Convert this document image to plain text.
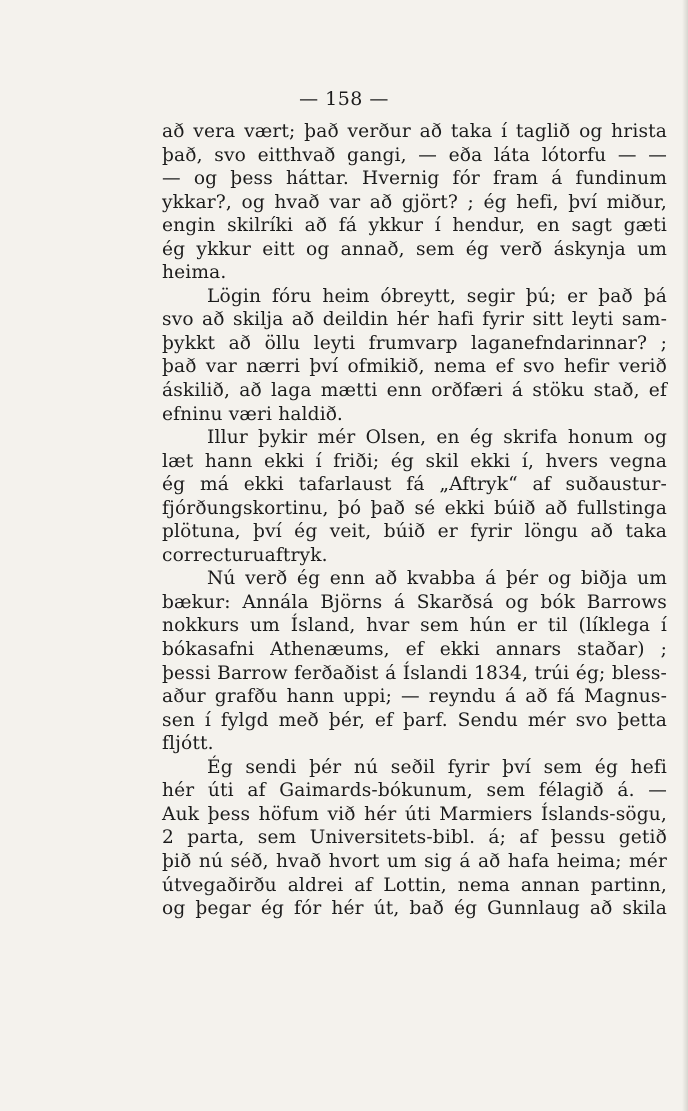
— 158 —
að vera vært; það verður að taka í taglið og hrista
það, svo eitthvað gangi, — eða láta lótorfu — —
— og þess háttar. Hvernig fór fram á fundinum
ykkar?, og hvað var að gjört? ; ég hefi, því miður,
engin skilríki að fá ykkur í hendur, en sagt gæti
ég ykkur eitt og annað, sem ég verð áskynja um
heima.
Lögin fóru heim óbreytt, segir þú; er það þá
svo að skilja að deildin hér hafi fyrir sitt leyti sam-
þykkt að öllu leyti frumvarp laganefndarinnar? ;
það var nærri því ofmikið, nema ef svo hefir verið
áskilið, að laga mætti enn orðfæri á stöku stað, ef
efninu væri haldið.
Illur þykir mér Olsen, en ég skrifa honum og
læt hann ekki í friði; ég skil ekki í, hvers vegna
ég má ekki tafarlaust fá „Aftryk“ af suðaustur-
fjórðungskortinu, þó það sé ekki búið að fullstinga
plötuna, því ég veit, búið er fyrir löngu að taka
correcturuaftryk.
Nú verð ég enn að kvabba á þér og biðja um
bækur: Annála Björns á Skarðsá og bók Barrows
nokkurs um Ísland, hvar sem hún er til (líklega í
bókasafni Athenæums, ef ekki annars staðar) ;
þessi Barrow ferðaðist á Íslandi 1834, trúi ég; bless-
aður grafðu hann uppi; — reyndu á að fá Magnus-
sen í fylgd með þér, ef þarf. Sendu mér svo þetta
fljótt.
Ég sendi þér nú seðil fyrir því sem ég hefi
hér úti af Gaimards-bókunum, sem félagið á. —
Auk þess höfum við hér úti Marmiers Íslands-sögu,
2 parta, sem Universitets-bibl. á; af þessu getið
þið nú séð, hvað hvort um sig á að hafa heima; mér
útvegaðirðu aldrei af Lottin, nema annan partinn,
og þegar ég fór hér út, bað ég Gunnlaug að skila
